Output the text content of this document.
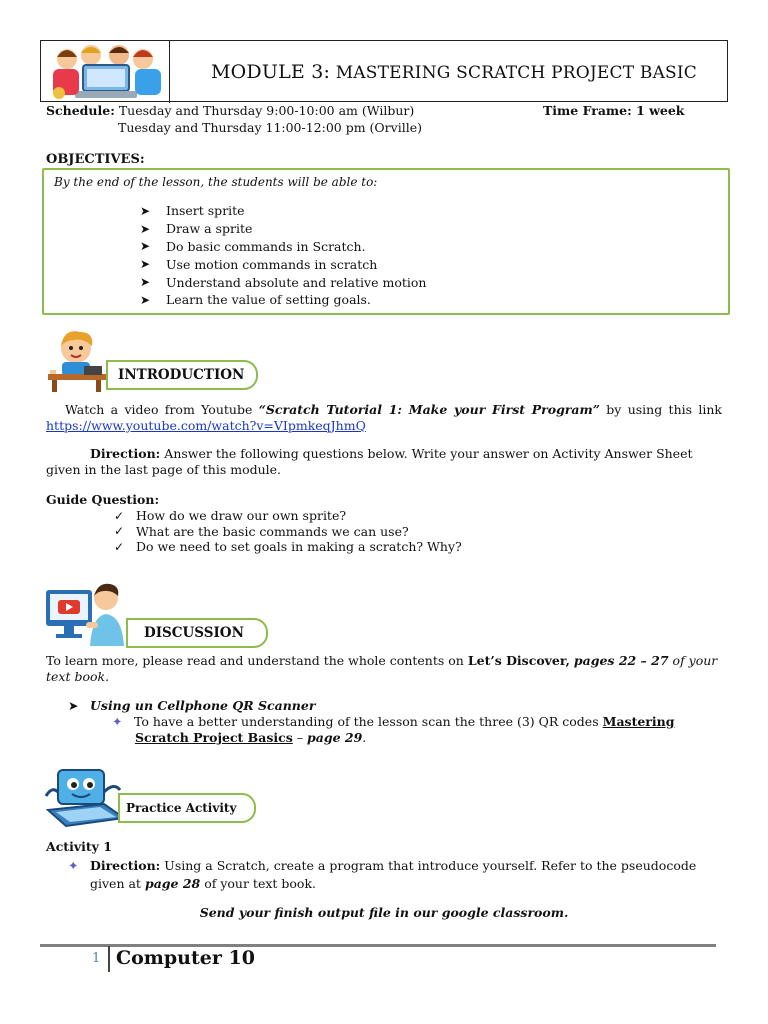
MODULE 3: MASTERING SCRATCH PROJECT BASIC
Schedule: Tuesday and Thursday 9:00-10:00 am (Wilbur)
Tuesday and Thursday 11:00-12:00 pm (Orville)
Time Frame: 1 week
OBJECTIVES:
By the end of the lesson, the students will be able to:
➤	Insert sprite
➤	Draw a sprite
➤	Do basic commands in Scratch.
➤	Use motion commands in scratch
➤	Understand absolute and relative motion
➤	Learn the value of setting goals.
INTRODUCTION
Watch a video from Youtube “Scratch Tutorial 1: Make your First Program” by using this link
https://www.youtube.com/watch?v=VIpmkeqJhmQ
Direction: Answer the following questions below. Write your answer on Activity Answer Sheet
given in the last page of this module.
Guide Question:
✓ How do we draw our own sprite?
✓ What are the basic commands we can use?
✓ Do we need to set goals in making a scratch? Why?
DISCUSSION
To learn more, please read and understand the whole contents on Let’s Discover, pages 22 – 27 of your
text book.
➤ Using un Cellphone QR Scanner
✦ To have a better understanding of the lesson scan the three (3) QR codes Mastering
Scratch Project Basics – page 29.
Practice Activity
Activity 1
✦ Direction: Using a Scratch, create a program that introduce yourself. Refer to the pseudocode
given at page 28 of your text book.
Send your finish output file in our google classroom.
1 Computer 10
